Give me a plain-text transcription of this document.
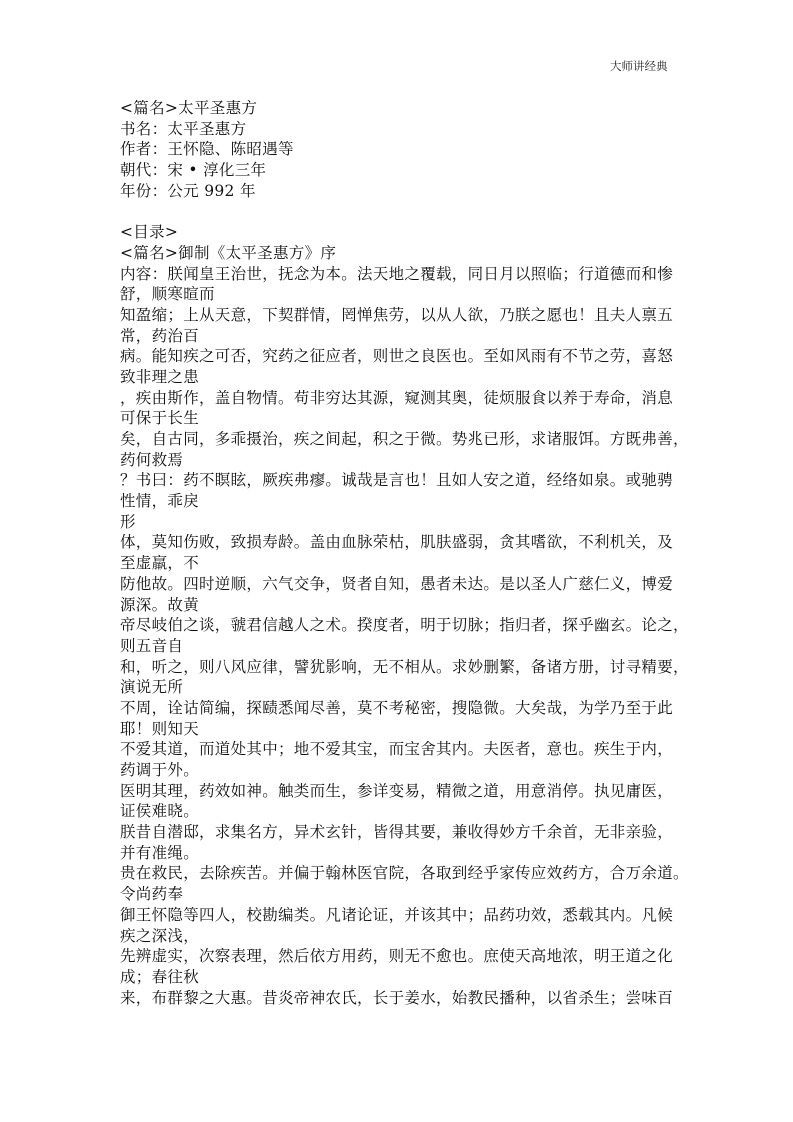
大师讲经典
<篇名>太平圣惠方
书名：太平圣惠方
作者：王怀隐、陈昭遇等
朝代：宋 • 淳化三年
年份：公元 992 年
<目录>
<篇名>御制《太平圣惠方》序
内容：朕闻皇王治世，抚念为本。法天地之覆载，同日月以照临；行道德而和惨
舒，顺寒暄而
知盈缩；上从天意，下契群情，罔惮焦劳，以从人欲，乃朕之愿也！且夫人禀五
常，药治百
病。能知疾之可否，究药之征应者，则世之良医也。至如风雨有不节之劳，喜怒
致非理之患
，疾由斯作，盖自物情。苟非穷达其源，窥测其奥，徒烦服食以养于寿命，消息
可保于长生
矣，自古同，多乖摄治，疾之间起，积之于微。势兆已形，求诸服饵。方既弗善，
药何救焉
？书曰：药不瞑眩，厥疾弗瘳。诚哉是言也！且如人安之道，经络如泉。或驰骋
性情，乖戾
形
体，莫知伤败，致损寿龄。盖由血脉荣枯，肌肤盛弱，贪其嗜欲，不利机关，及
至虚羸，不
防他故。四时逆顺，六气交争，贤者自知，愚者未达。是以圣人广慈仁义，博爱
源深。故黄
帝尽岐伯之谈，虢君信越人之术。揆度者，明于切脉；指归者，探乎幽玄。论之，
则五音自
和，听之，则八风应律，譬犹影响，无不相从。求妙删繁，备诸方册，讨寻精要，
演说无所
不周，诠诂简编，探赜悉闻尽善，莫不考秘密，搜隐微。大矣哉，为学乃至于此
耶！则知天
不爱其道，而道处其中；地不爱其宝，而宝舍其内。夫医者，意也。疾生于内，
药调于外。
医明其理，药效如神。触类而生，参详变易，精微之道，用意消停。执见庸医，
证侯难晓。
朕昔自潜邸，求集名方，异术玄针，皆得其要，兼收得妙方千余首，无非亲验，
并有准绳。
贵在救民，去除疾苦。并偏于翰林医官院，各取到经乎家传应效药方，合万余道。
令尚药奉
御王怀隐等四人，校勘编类。凡诸论证，并该其中；品药功效，悉载其内。凡候
疾之深浅，
先辨虚实，次察表理，然后依方用药，则无不愈也。庶使天高地浓，明王道之化
成；春往秋
来，布群黎之大惠。昔炎帝神农氏，长于姜水，始教民播种，以省杀生；尝味百
